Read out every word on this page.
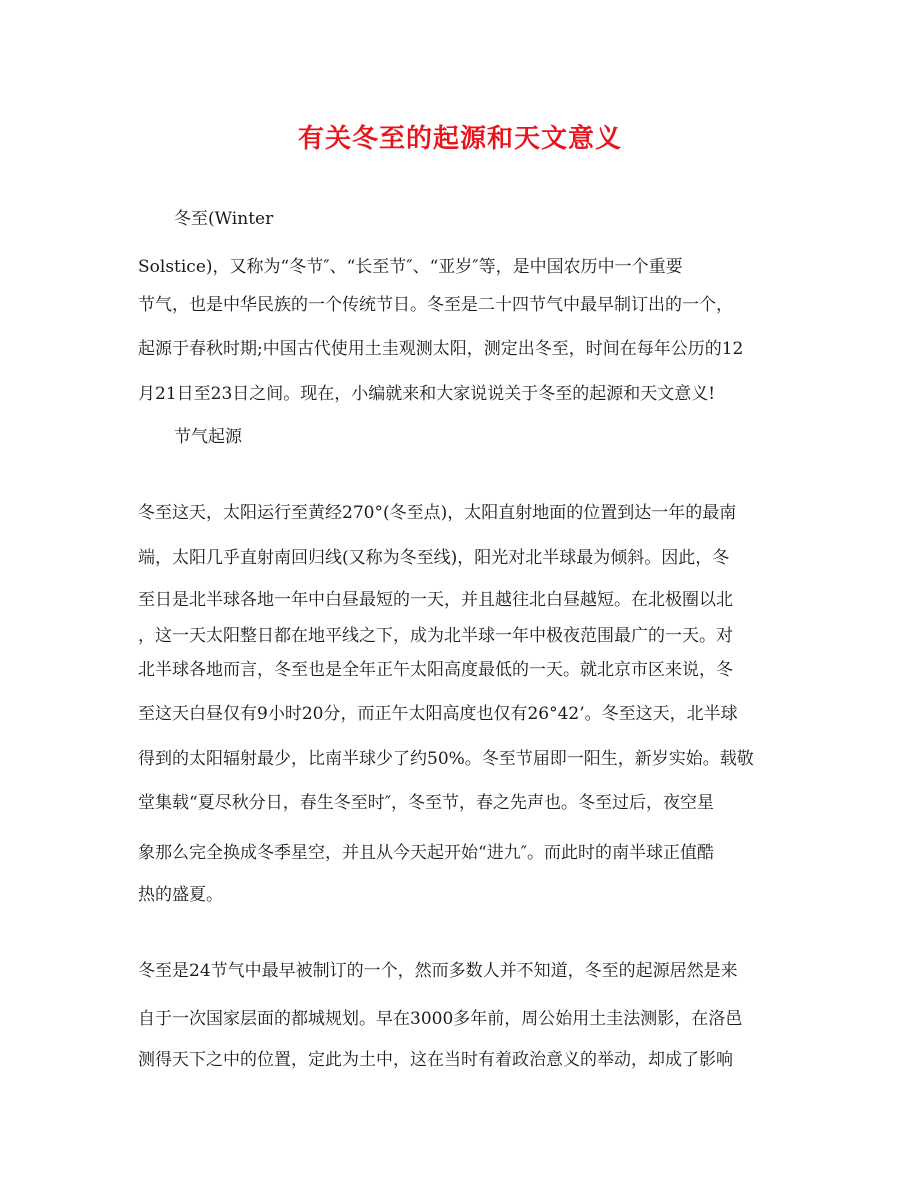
有关冬至的起源和天文意义
冬至(Winter
Solstice)，又称为“冬节″、“长至节″、“亚岁″等，是中国农历中一个重要
节气，也是中华民族的一个传统节日。冬至是二十四节气中最早制订出的一个，
起源于春秋时期;中国古代使用土圭观测太阳，测定出冬至，时间在每年公历的12
月21日至23日之间。现在，小编就来和大家说说关于冬至的起源和天文意义!
节气起源
冬至这天，太阳运行至黄经270°(冬至点)，太阳直射地面的位置到达一年的最南
端，太阳几乎直射南回归线(又称为冬至线)，阳光对北半球最为倾斜。因此，冬
至日是北半球各地一年中白昼最短的一天，并且越往北白昼越短。在北极圈以北
，这一天太阳整日都在地平线之下，成为北半球一年中极夜范围最广的一天。对
北半球各地而言，冬至也是全年正午太阳高度最低的一天。就北京市区来说，冬
至这天白昼仅有9小时20分，而正午太阳高度也仅有26°42’。冬至这天，北半球
得到的太阳辐射最少，比南半球少了约50%。冬至节届即一阳生，新岁实始。载敬
堂集载“夏尽秋分日，春生冬至时″，冬至节，春之先声也。冬至过后，夜空星
象那么完全换成冬季星空，并且从今天起开始“进九″。而此时的南半球正值酷
热的盛夏。
冬至是24节气中最早被制订的一个，然而多数人并不知道，冬至的起源居然是来
自于一次国家层面的都城规划。早在3000多年前，周公始用土圭法测影，在洛邑
测得天下之中的位置，定此为土中，这在当时有着政治意义的举动，却成了影响
